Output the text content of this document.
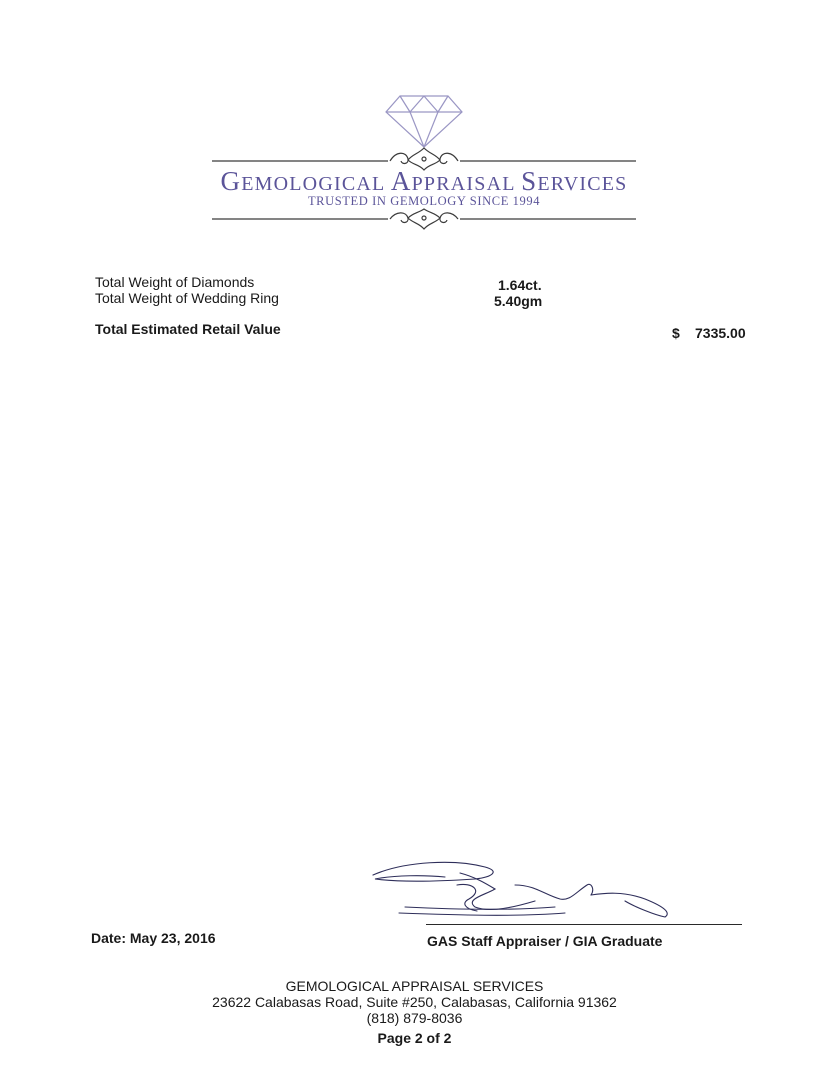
GEMOLOGICAL APPRAISAL SERVICES
TRUSTED IN GEMOLOGY SINCE 1994
Total Weight of Diamonds	1.64ct.
Total Weight of Wedding Ring	5.40gm
Total Estimated Retail Value	$ 7335.00
Date: May 23, 2016	GAS Staff Appraiser / GIA Graduate
GEMOLOGICAL APPRAISAL SERVICES
23622 Calabasas Road, Suite #250, Calabasas, California 91362
(818) 879-8036
Page 2 of 2
